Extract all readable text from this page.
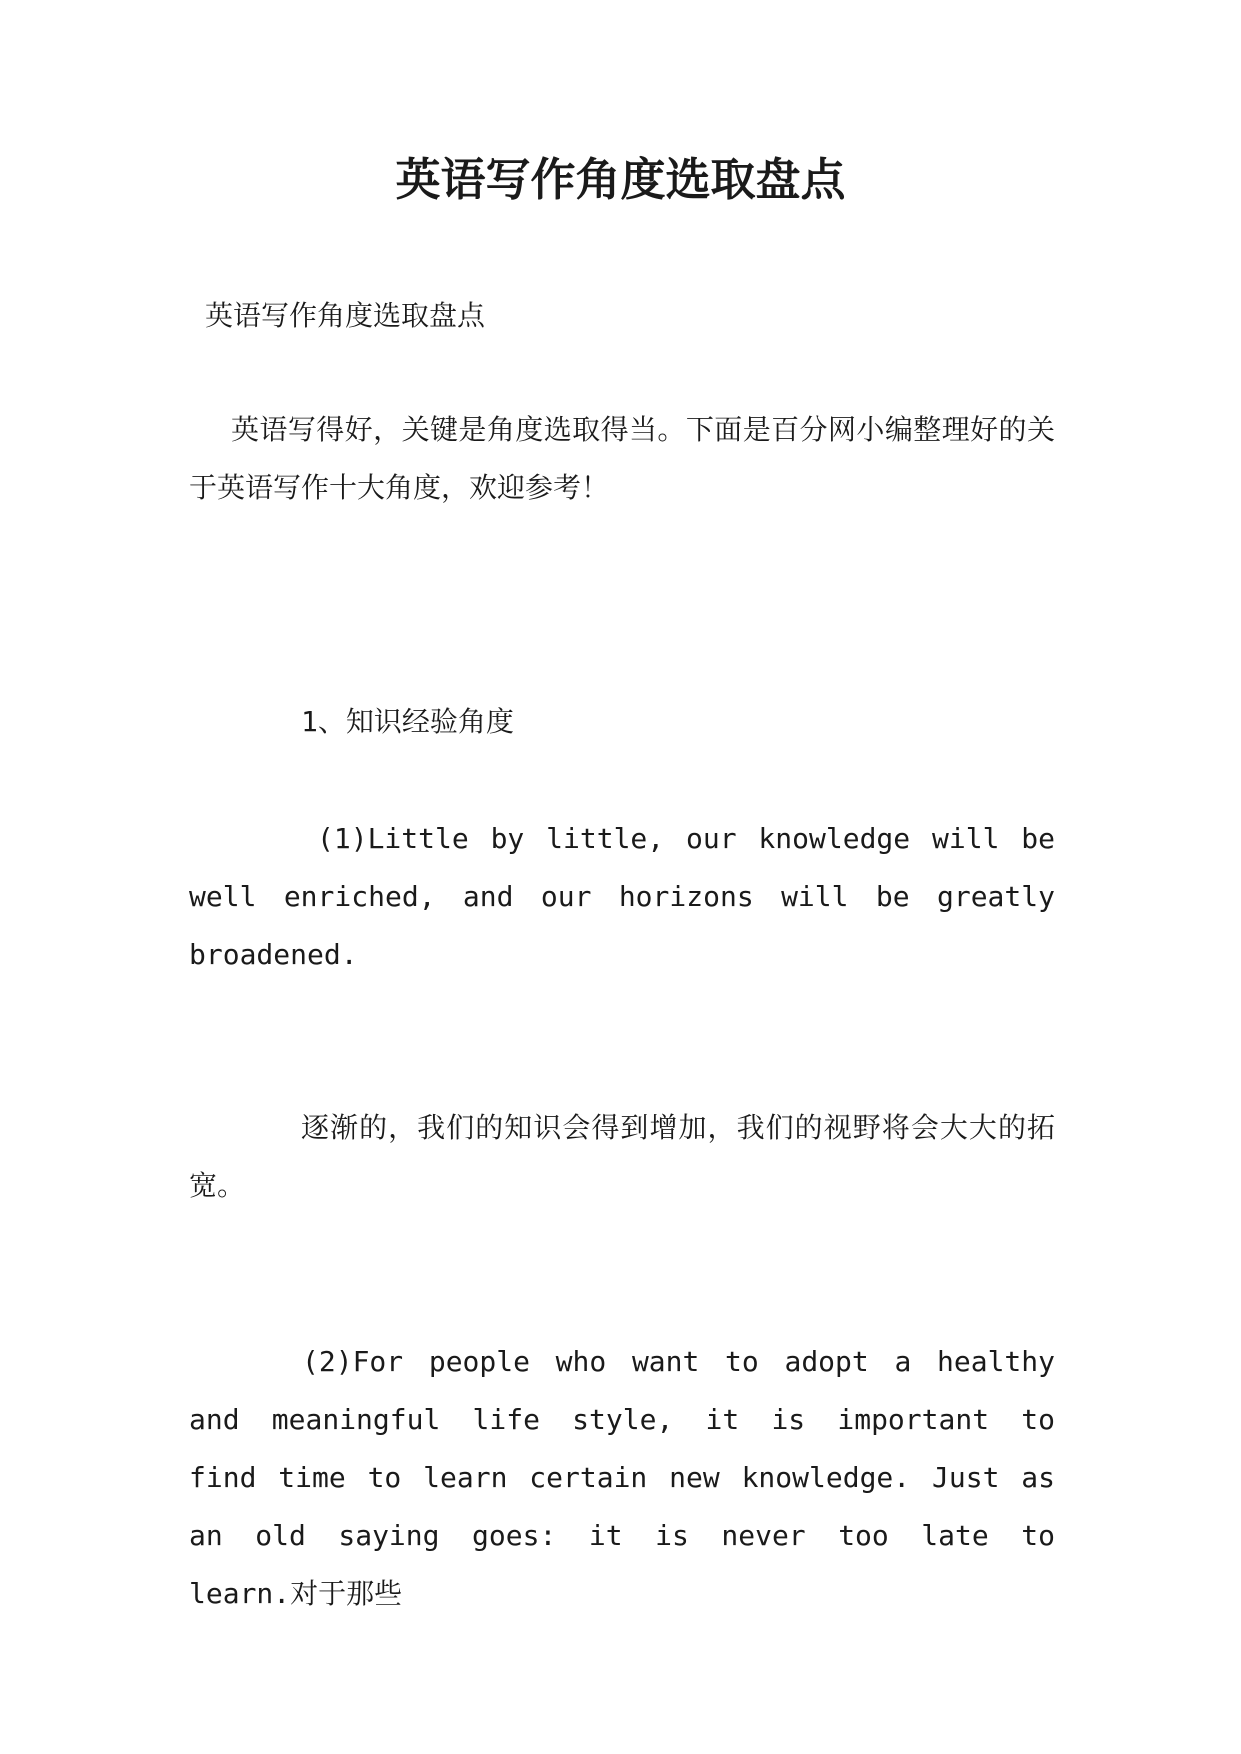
英语写作角度选取盘点

英语写作角度选取盘点

英语写得好，关键是角度选取得当。下面是百分网小编整理好的关于英语写作十大角度，欢迎参考！

1、知识经验角度

(1)Little by little, our knowledge will be well enriched, and our horizons will be greatly broadened.

逐渐的，我们的知识会得到增加，我们的视野将会大大的拓宽。

(2)For people who want to adopt a healthy and meaningful life style, it is important to find time to learn certain new knowledge. Just as an old saying goes: it is never too late to learn.对于那些
